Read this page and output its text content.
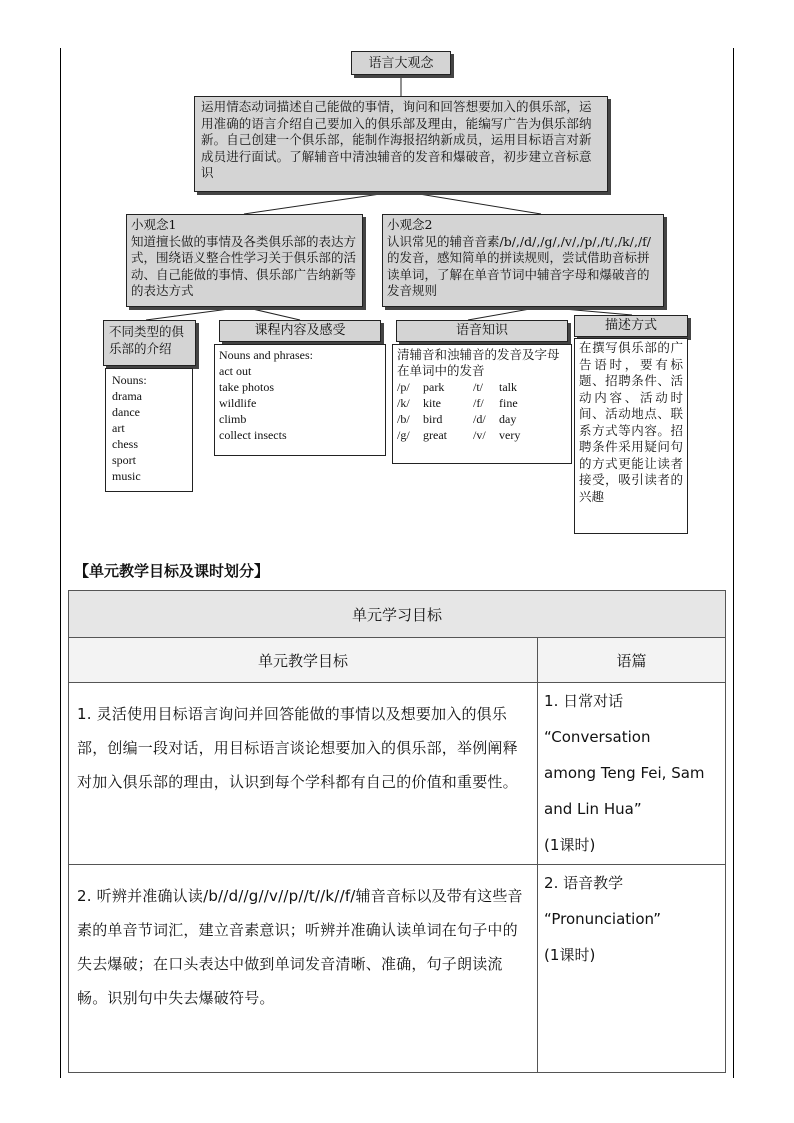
语言大观念
运用情态动词描述自己能做的事情，询问和回答想要加入的俱乐部，运用准确的语言介绍自己要加入的俱乐部及理由，能编写广告为俱乐部纳新。自己创建一个俱乐部，能制作海报招纳新成员，运用目标语言对新成员进行面试。了解辅音中清浊辅音的发音和爆破音，初步建立音标意识
小观念1
知道擅长做的事情及各类俱乐部的表达方式，围绕语义整合性学习关于俱乐部的活动、自己能做的事情、俱乐部广告纳新等的表达方式
小观念2
认识常见的辅音音素/b/,/d/,/g/,/v/,/p/,/t/,/k/,/f/的发音，感知简单的拼读规则，尝试借助音标拼读单词，了解在单音节词中辅音字母和爆破音的发音规则
不同类型的俱乐部的介绍
Nouns:
drama
dance
art
chess
sport
music
课程内容及感受
Nouns and phrases:
act out
take photos
wildlife
climb
collect insects
语音知识
清辅音和浊辅音的发音及字母在单词中的发音
/p/ park /t/ talk
/k/ kite	/f/ fine
/b/ bird	/d/ day
/g/ great /v/ very
描述方式
在撰写俱乐部的广告语时，要有标题、招聘条件、活动内容、活动时间、活动地点、联系方式等内容。招聘条件采用疑问句的方式更能让读者接受，吸引读者的兴趣
【单元教学目标及课时划分】
单元学习目标	
单元教学目标	语篇
1. 灵活使用目标语言询问并回答能做的事情以及想要加入的俱乐部，创编一段对话，用目标语言谈论想要加入的俱乐部，举例阐释对加入俱乐部的理由，认识到每个学科都有自己的价值和重要性。	1. 日常对话
“Conversation
among Teng Fei, Sam
and Lin Hua”
(1课时)

2. 听辨并准确认读/b//d//g//v//p//t//k//f/辅音音标以及带有这些音素的单音节词汇，建立音素意识；听辨并准确认读单词在句子中的失去爆破；在口头表达中做到单词发音清晰、准确，句子朗读流畅。识别句中失去爆破符号。	2. 语音教学
“Pronunciation”
(1课时)
